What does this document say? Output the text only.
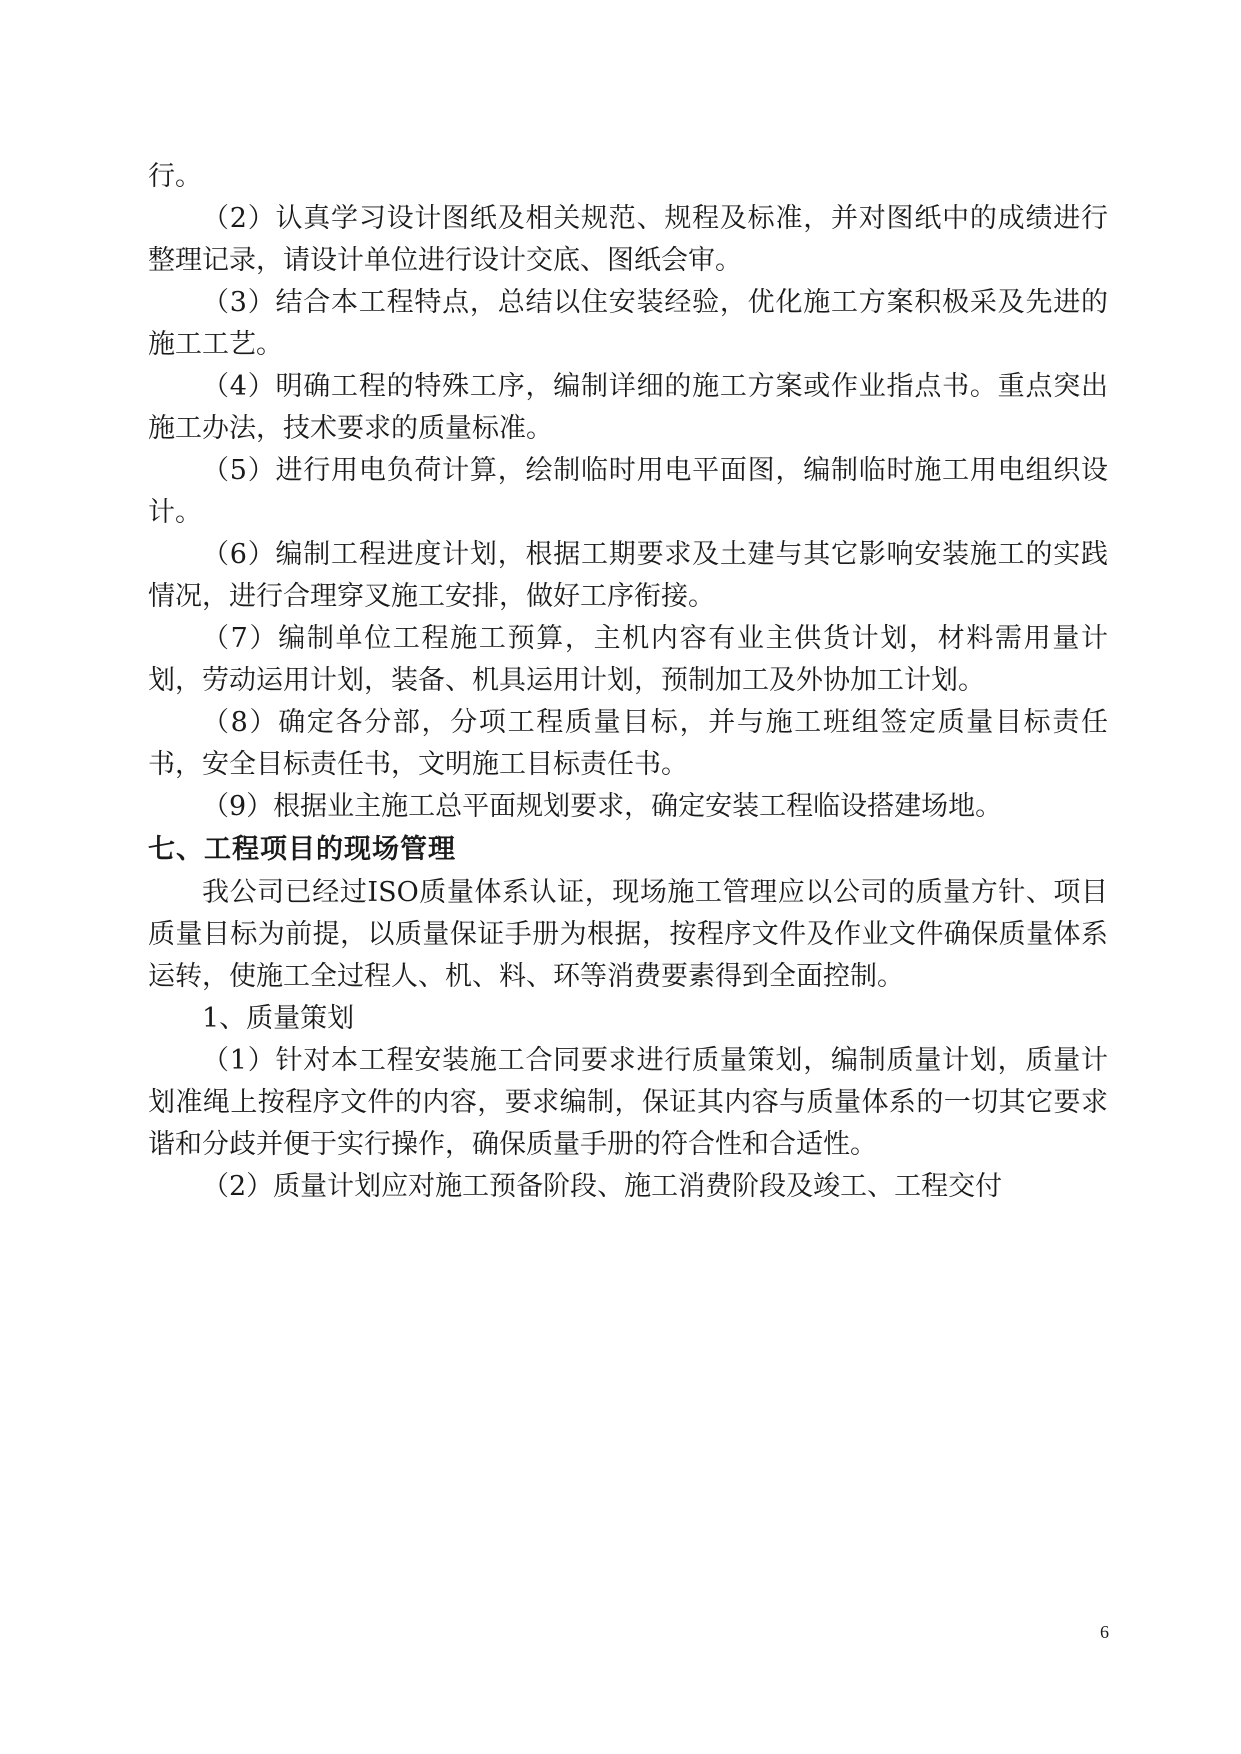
行。

（2）认真学习设计图纸及相关规范、规程及标准，并对图纸中的成绩进行整理记录，请设计单位进行设计交底、图纸会审。

（3）结合本工程特点，总结以住安装经验，优化施工方案积极采及先进的施工工艺。

（4）明确工程的特殊工序，编制详细的施工方案或作业指点书。重点突出施工办法，技术要求的质量标准。

（5）进行用电负荷计算，绘制临时用电平面图，编制临时施工用电组织设计。

（6）编制工程进度计划，根据工期要求及土建与其它影响安装施工的实践情况，进行合理穿叉施工安排，做好工序衔接。

（7）编制单位工程施工预算，主机内容有业主供货计划，材料需用量计划，劳动运用计划，装备、机具运用计划，预制加工及外协加工计划。

（8）确定各分部，分项工程质量目标，并与施工班组签定质量目标责任书，安全目标责任书，文明施工目标责任书。

（9）根据业主施工总平面规划要求，确定安装工程临设搭建场地。

七、工程项目的现场管理

我公司已经过ISO质量体系认证，现场施工管理应以公司的质量方针、项目质量目标为前提，以质量保证手册为根据，按程序文件及作业文件确保质量体系运转，使施工全过程人、机、料、环等消费要素得到全面控制。

1、质量策划

（1）针对本工程安装施工合同要求进行质量策划，编制质量计划，质量计划准绳上按程序文件的内容，要求编制，保证其内容与质量体系的一切其它要求谐和分歧并便于实行操作，确保质量手册的符合性和合适性。

（2）质量计划应对施工预备阶段、施工消费阶段及竣工、工程交付

6
